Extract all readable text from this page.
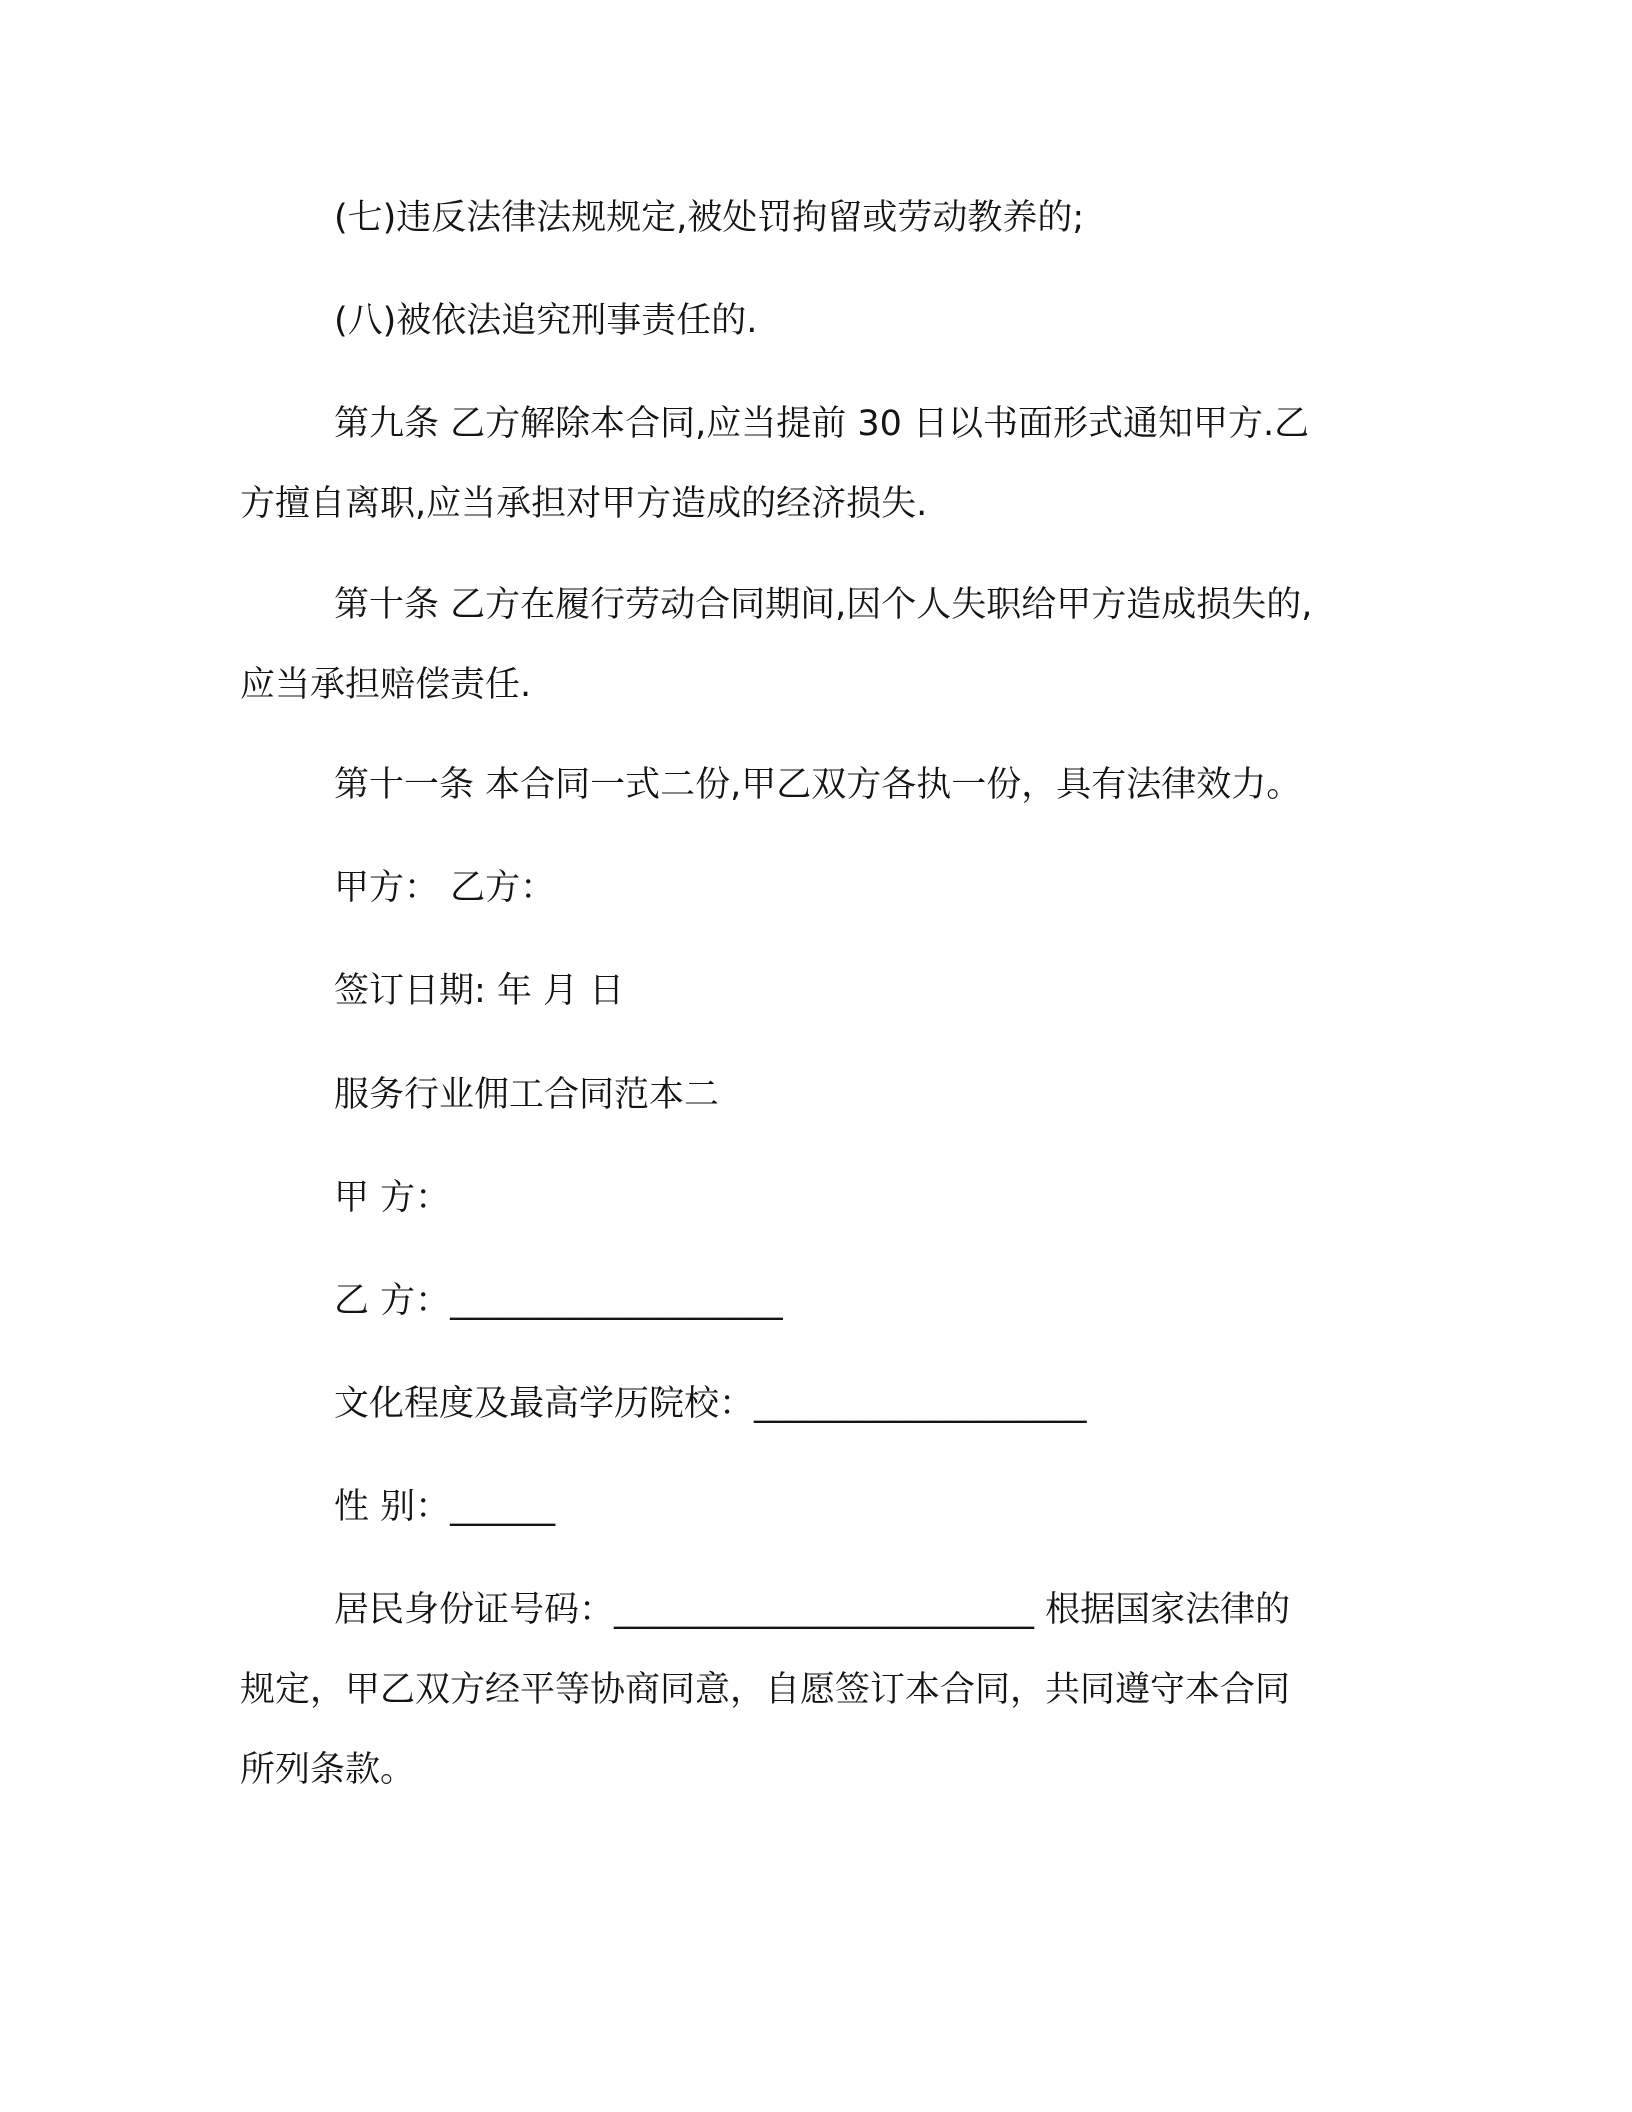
(七)违反法律法规规定,被处罚拘留或劳动教养的;
(八)被依法追究刑事责任的.
第九条 乙方解除本合同,应当提前 30 日以书面形式通知甲方.乙
方擅自离职,应当承担对甲方造成的经济损失.
第十条 乙方在履行劳动合同期间,因个人失职给甲方造成损失的,
应当承担赔偿责任.
第十一条 本合同一式二份,甲乙双方各执一份，具有法律效力。
甲方： 乙方：
签订日期: 年 月 日
服务行业佣工合同范本二
甲 方：
乙 方：___________________
文化程度及最高学历院校：___________________
性 别：______
居民身份证号码：________________________ 根据国家法律的
规定，甲乙双方经平等协商同意，自愿签订本合同，共同遵守本合同
所列条款。
